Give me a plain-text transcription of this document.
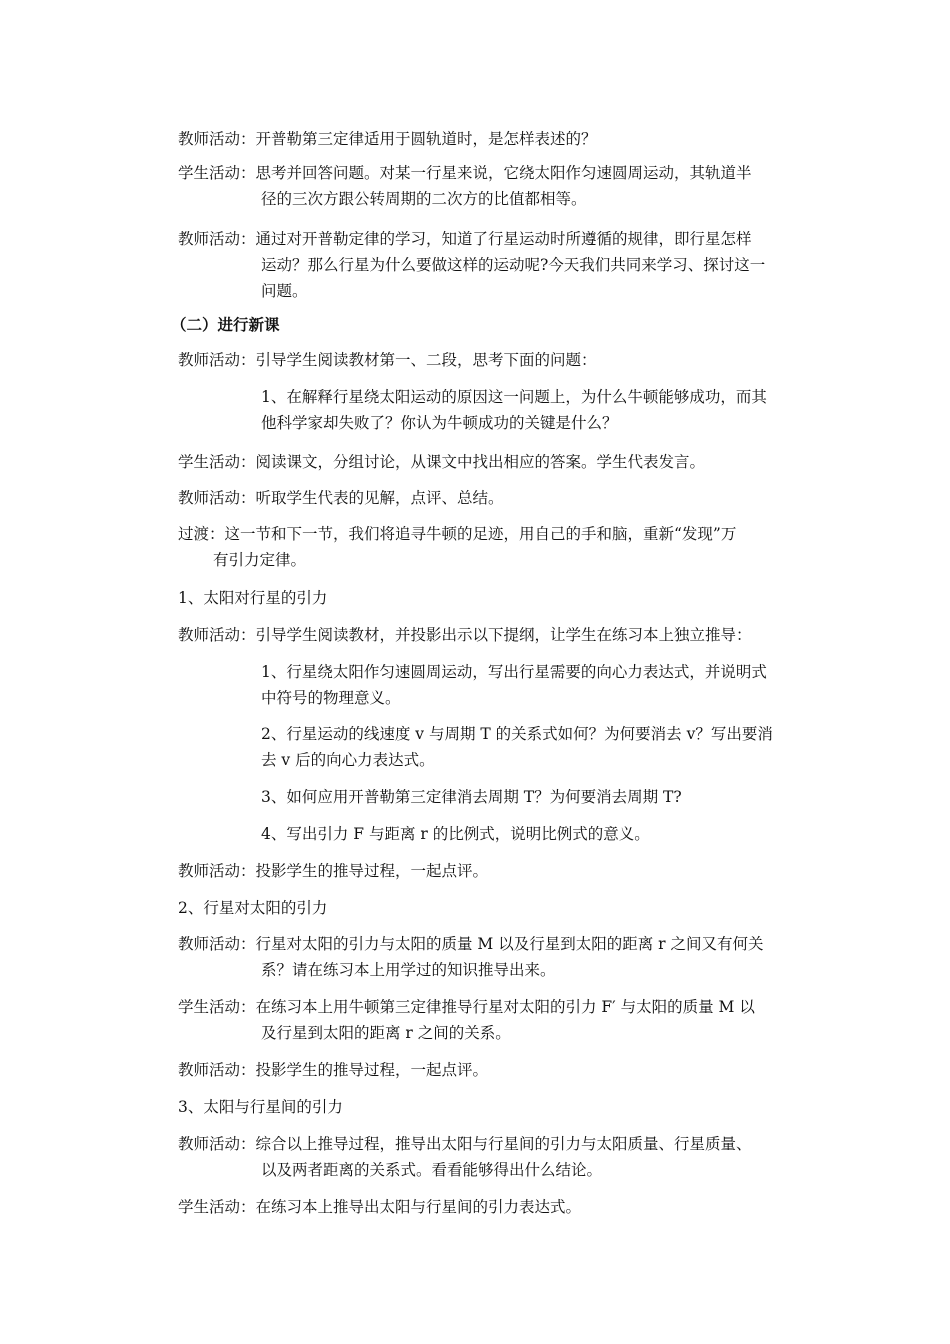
教师活动：开普勒第三定律适用于圆轨道时，是怎样表述的？
学生活动：思考并回答问题。对某一行星来说，它绕太阳作匀速圆周运动，其轨道半
径的三次方跟公转周期的二次方的比值都相等。
教师活动：通过对开普勒定律的学习，知道了行星运动时所遵循的规律，即行星怎样
运动？那么行星为什么要做这样的运动呢?今天我们共同来学习、探讨这一
问题。
（二）进行新课
教师活动：引导学生阅读教材第一、二段，思考下面的问题：
1、在解释行星绕太阳运动的原因这一问题上，为什么牛顿能够成功，而其
他科学家却失败了？你认为牛顿成功的关键是什么？
学生活动：阅读课文，分组讨论，从课文中找出相应的答案。学生代表发言。
教师活动：听取学生代表的见解，点评、总结。
过渡：这一节和下一节，我们将追寻牛顿的足迹，用自己的手和脑，重新“发现”万
有引力定律。
1、太阳对行星的引力
教师活动：引导学生阅读教材，并投影出示以下提纲，让学生在练习本上独立推导：
1、行星绕太阳作匀速圆周运动，写出行星需要的向心力表达式，并说明式
中符号的物理意义。
2、行星运动的线速度 v 与周期 T 的关系式如何？为何要消去 v？写出要消
去 v 后的向心力表达式。
3、如何应用开普勒第三定律消去周期 T？为何要消去周期 T?
4、写出引力 F 与距离 r 的比例式，说明比例式的意义。
教师活动：投影学生的推导过程，一起点评。
2、行星对太阳的引力
教师活动：行星对太阳的引力与太阳的质量 M 以及行星到太阳的距离 r 之间又有何关
系？请在练习本上用学过的知识推导出来。
学生活动：在练习本上用牛顿第三定律推导行星对太阳的引力 F′ 与太阳的质量 M 以
及行星到太阳的距离 r 之间的关系。
教师活动：投影学生的推导过程，一起点评。
3、太阳与行星间的引力
教师活动：综合以上推导过程，推导出太阳与行星间的引力与太阳质量、行星质量、
以及两者距离的关系式。看看能够得出什么结论。
学生活动：在练习本上推导出太阳与行星间的引力表达式。
